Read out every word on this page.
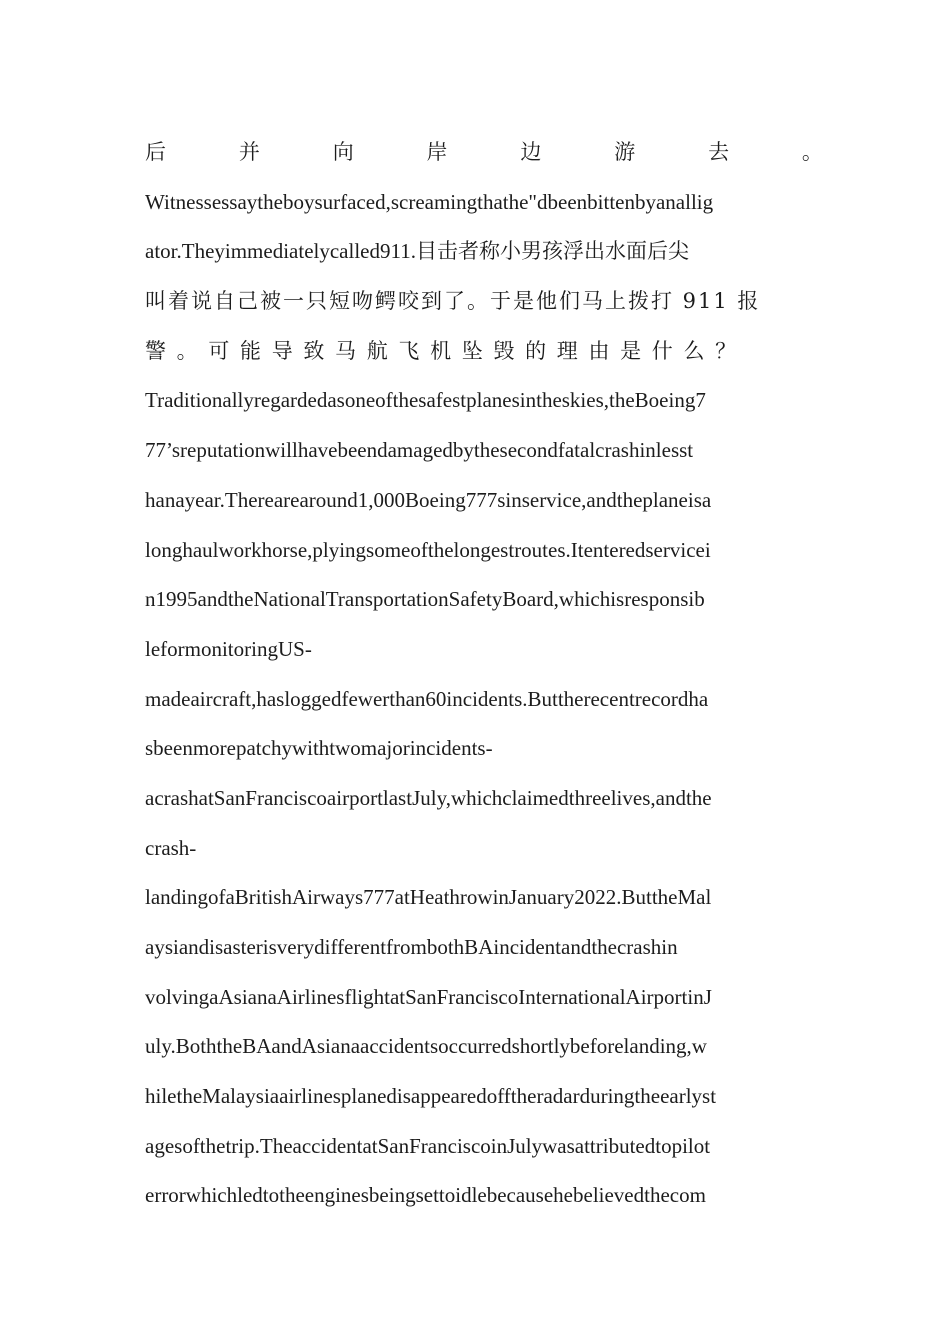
后	并	向	岸	边	游	去	。
Witnessessaytheboysurfaced,screamingthathe"dbeenbittenbyanallig
ator.Theyimmediatelycalled911.目击者称小男孩浮出水面后尖
叫着说自己被一只短吻鳄咬到了。于是他们马上拨打 911 报
警 。 可 能 导 致 马 航 飞 机 坠 毁 的 理 由 是 什 么 ？
Traditionallyregardedasoneofthesafestplanesintheskies,theBoeing7
77’sreputationwillhavebeendamagedbythesecondfatalcrashinlesst
hanayear.Therearearound1,000Boeing777sinservice,andtheplaneisa
longhaulworkhorse,plyingsomeofthelongestroutes.Itenteredservicei
n1995andtheNationalTransportationSafetyBoard,whichisresponsib
leformonitoringUS-
madeaircraft,hasloggedfewerthan60incidents.Buttherecentrecordha
sbeenmorepatchywithtwomajorincidents-
acrashatSanFranciscoairportlastJuly,whichclaimedthreelives,andthe
crash-
landingofaBritishAirways777atHeathrowinJanuary2022.ButtheMal
aysiandisasterisverydifferentfrombothBAincidentandthecrashin
volvingaAsianaAirlinesflightatSanFranciscoInternationalAirportinJ
uly.BoththeBAandAsianaaccidentsoccurredshortlybeforelanding,w
hiletheMalaysiaairlinesplanedisappearedofftheradarduringtheearlyst
agesofthetrip.TheaccidentatSanFranciscoinJulywasattributedtopilot
errorwhichledtotheenginesbeingsettoidlebecausehebelievedthecom
